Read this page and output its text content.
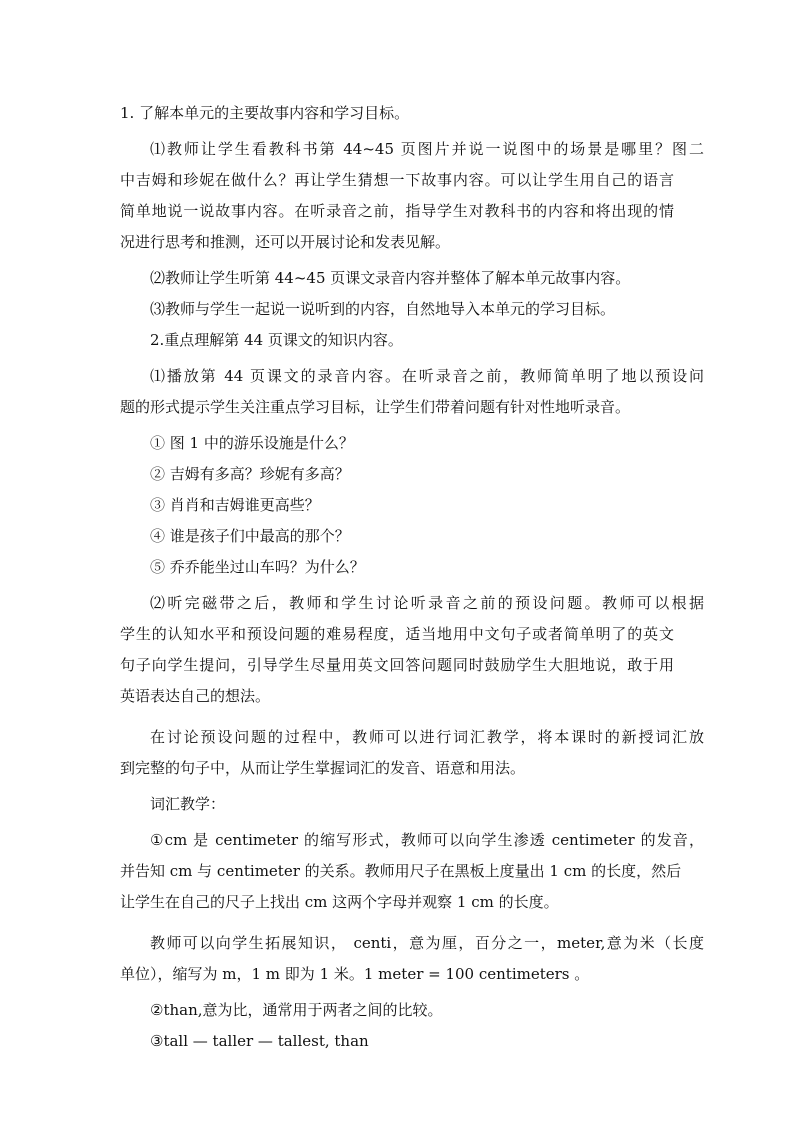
1. 了解本单元的主要故事内容和学习目标。
⑴教师让学生看教科书第 44~45 页图片并说一说图中的场景是哪里？图二
中吉姆和珍妮在做什么？再让学生猜想一下故事内容。可以让学生用自己的语言
简单地说一说故事内容。在听录音之前，指导学生对教科书的内容和将出现的情
况进行思考和推测，还可以开展讨论和发表见解。
⑵教师让学生听第 44~45 页课文录音内容并整体了解本单元故事内容。
⑶教师与学生一起说一说听到的内容，自然地导入本单元的学习目标。
2.重点理解第 44 页课文的知识内容。
⑴播放第 44 页课文的录音内容。在听录音之前，教师简单明了地以预设问
题的形式提示学生关注重点学习目标，让学生们带着问题有针对性地听录音。
① 图 1 中的游乐设施是什么？
② 吉姆有多高？珍妮有多高？
③ 肖肖和吉姆谁更高些？
④ 谁是孩子们中最高的那个？
⑤ 乔乔能坐过山车吗？为什么？
⑵听完磁带之后，教师和学生讨论听录音之前的预设问题。教师可以根据
学生的认知水平和预设问题的难易程度，适当地用中文句子或者简单明了的英文
句子向学生提问，引导学生尽量用英文回答问题同时鼓励学生大胆地说，敢于用
英语表达自己的想法。
在讨论预设问题的过程中，教师可以进行词汇教学，将本课时的新授词汇放
到完整的句子中，从而让学生掌握词汇的发音、语意和用法。
词汇教学：
①cm 是 centimeter 的缩写形式，教师可以向学生渗透 centimeter 的发音，
并告知 cm 与 centimeter 的关系。教师用尺子在黑板上度量出 1 cm 的长度，然后
让学生在自己的尺子上找出 cm 这两个字母并观察 1 cm 的长度。
教师可以向学生拓展知识， centi，意为厘，百分之一，meter,意为米（长度
单位），缩写为 m，1 m 即为 1 米。1 meter = 100 centimeters 。
②than,意为比，通常用于两者之间的比较。
③tall — taller — tallest, than
